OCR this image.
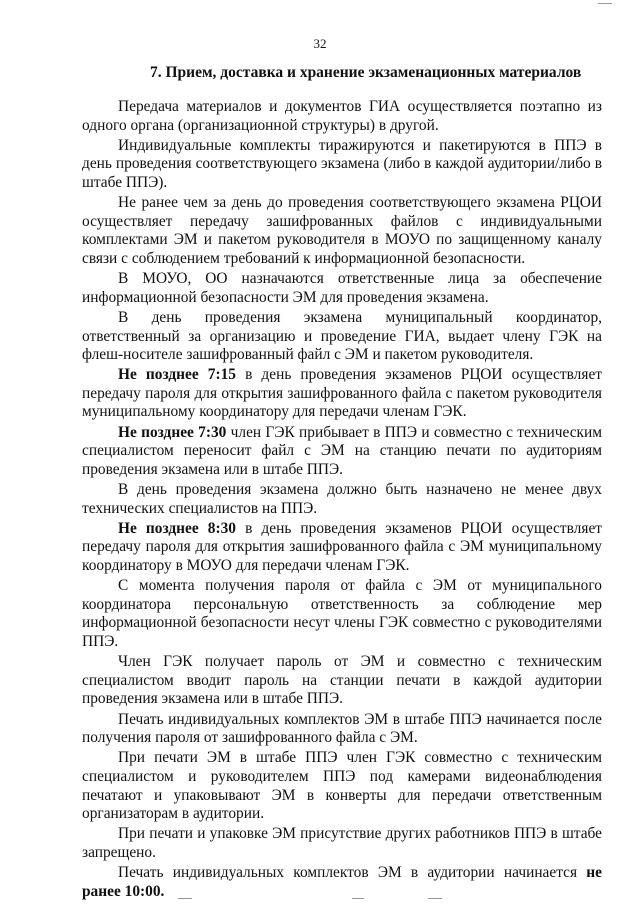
32
7. Прием, доставка и хранение экзаменационных материалов

Передача материалов и документов ГИА осуществляется поэтапно из одного органа (организационной структуры) в другой.

Индивидуальные комплекты тиражируются и пакетируются в ППЭ в день проведения соответствующего экзамена (либо в каждой аудитории/либо в штабе ППЭ).

Не ранее чем за день до проведения соответствующего экзамена РЦОИ осуществляет передачу зашифрованных файлов с индивидуальными комплектами ЭМ и пакетом руководителя в МОУО по защищенному каналу связи с соблюдением требований к информационной безопасности.

В МОУО, ОО назначаются ответственные лица за обеспечение информационной безопасности ЭМ для проведения экзамена.

В день проведения экзамена муниципальный координатор, ответственный за организацию и проведение ГИА, выдает члену ГЭК на флеш-носителе зашифрованный файл с ЭМ и пакетом руководителя.

Не позднее 7:15 в день проведения экзаменов РЦОИ осуществляет передачу пароля для открытия зашифрованного файла с пакетом руководителя муниципальному координатору для передачи членам ГЭК.

Не позднее 7:30 член ГЭК прибывает в ППЭ и совместно с техническим специалистом переносит файл с ЭМ на станцию печати по аудиториям проведения экзамена или в штабе ППЭ.

В день проведения экзамена должно быть назначено не менее двух технических специалистов на ППЭ.

Не позднее 8:30 в день проведения экзаменов РЦОИ осуществляет передачу пароля для открытия зашифрованного файла с ЭМ муниципальному координатору в МОУО для передачи членам ГЭК.

С момента получения пароля от файла с ЭМ от муниципального координатора персональную ответственность за соблюдение мер информационной безопасности несут члены ГЭК совместно с руководителями ППЭ.

Член ГЭК получает пароль от ЭМ и совместно с техническим специалистом вводит пароль на станции печати в каждой аудитории проведения экзамена или в штабе ППЭ.

Печать индивидуальных комплектов ЭМ в штабе ППЭ начинается после получения пароля от зашифрованного файла с ЭМ.

При печати ЭМ в штабе ППЭ член ГЭК совместно с техническим специалистом и руководителем ППЭ под камерами видеонаблюдения печатают и упаковывают ЭМ в конверты для передачи ответственным организаторам в аудитории.

При печати и упаковке ЭМ присутствие других работников ППЭ в штабе запрещено.

Печать индивидуальных комплектов ЭМ в аудитории начинается не ранее 10:00.
